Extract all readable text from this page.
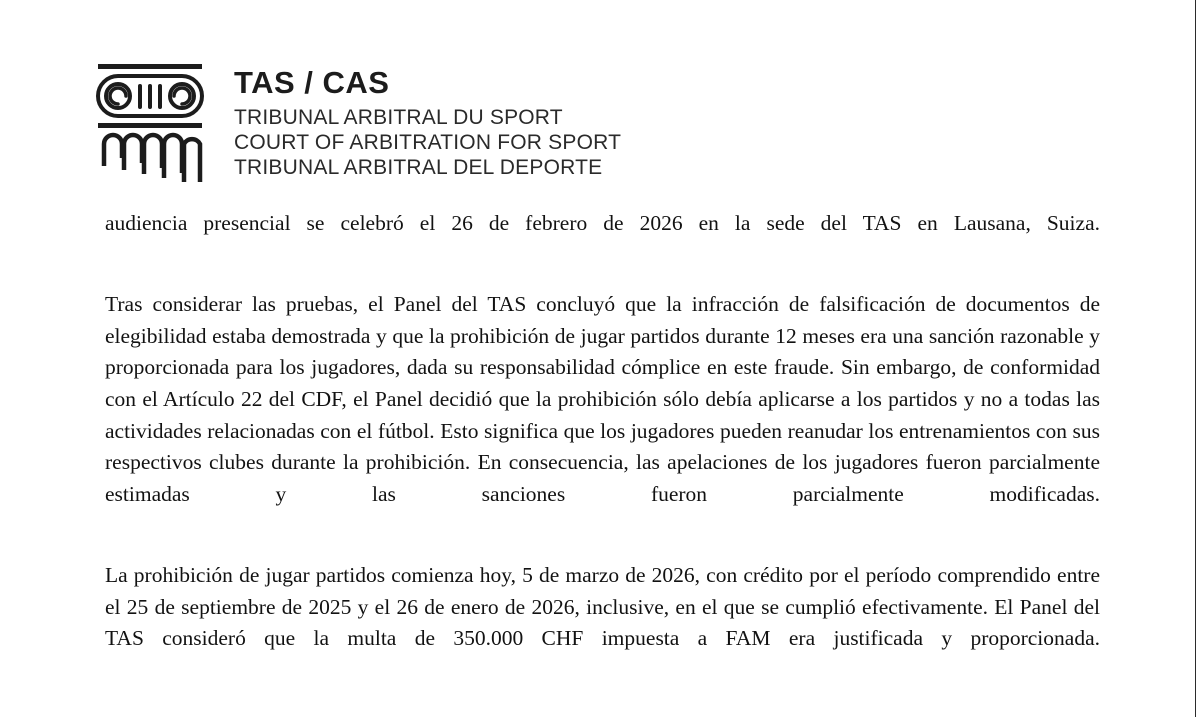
TAS / CAS
TRIBUNAL ARBITRAL DU SPORT
COURT OF ARBITRATION FOR SPORT
TRIBUNAL ARBITRAL DEL DEPORTE

audiencia presencial se celebró el 26 de febrero de 2026 en la sede del TAS en Lausana, Suiza.

Tras considerar las pruebas, el Panel del TAS concluyó que la infracción de falsificación de documentos de elegibilidad estaba demostrada y que la prohibición de jugar partidos durante 12 meses era una sanción razonable y proporcionada para los jugadores, dada su responsabilidad cómplice en este fraude. Sin embargo, de conformidad con el Artículo 22 del CDF, el Panel decidió que la prohibición sólo debía aplicarse a los partidos y no a todas las actividades relacionadas con el fútbol. Esto significa que los jugadores pueden reanudar los entrenamientos con sus respectivos clubes durante la prohibición. En consecuencia, las apelaciones de los jugadores fueron parcialmente estimadas y las sanciones fueron parcialmente modificadas.

La prohibición de jugar partidos comienza hoy, 5 de marzo de 2026, con crédito por el período comprendido entre el 25 de septiembre de 2025 y el 26 de enero de 2026, inclusive, en el que se cumplió efectivamente. El Panel del TAS consideró que la multa de 350.000 CHF impuesta a FAM era justificada y proporcionada.
